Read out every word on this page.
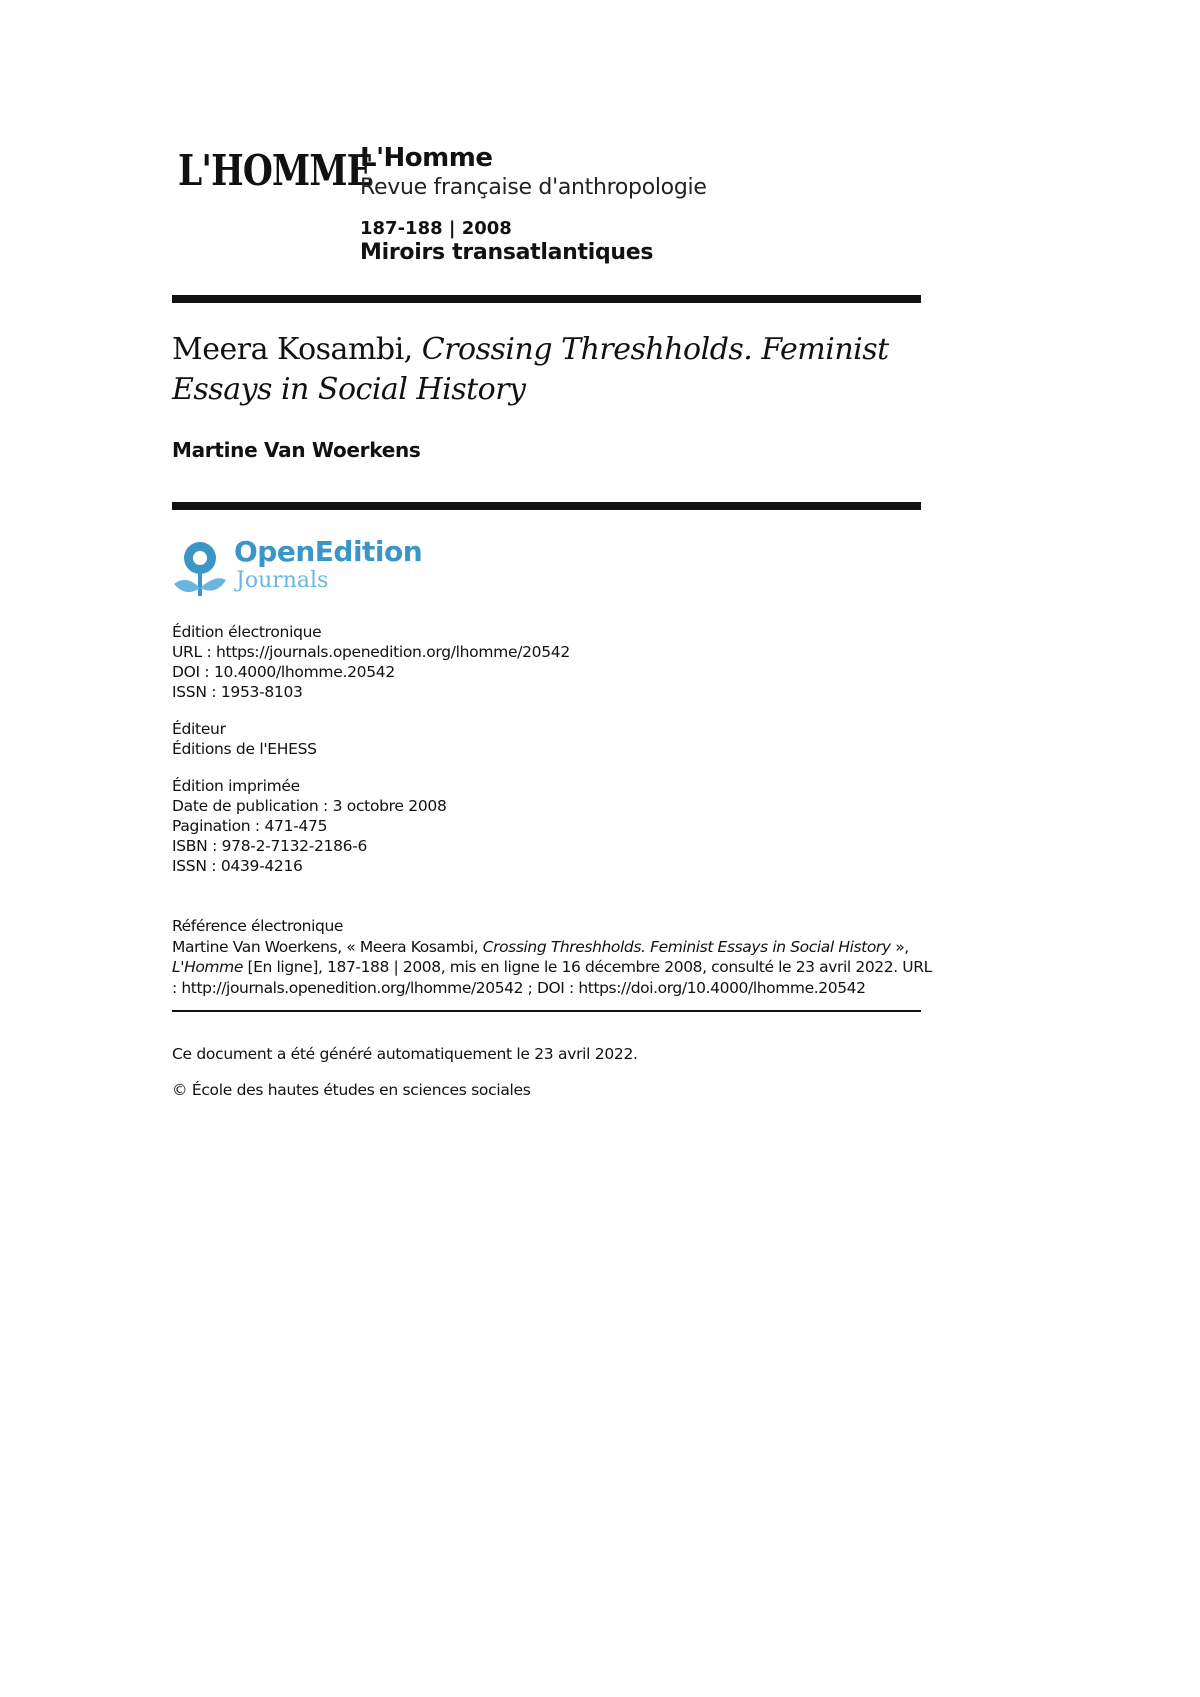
L'HOMME
L'Homme
Revue française d'anthropologie
187-188 | 2008
Miroirs transatlantiques
Meera Kosambi, Crossing Threshholds. Feminist Essays in Social History
Martine Van Woerkens
OpenEdition
Journals
Édition électronique
URL : https://journals.openedition.org/lhomme/20542
DOI : 10.4000/lhomme.20542
ISSN : 1953-8103
Éditeur
Éditions de l'EHESS
Édition imprimée
Date de publication : 3 octobre 2008
Pagination : 471-475
ISBN : 978-2-7132-2186-6
ISSN : 0439-4216
Référence électronique
Martine Van Woerkens, « Meera Kosambi, Crossing Threshholds. Feminist Essays in Social History », L'Homme [En ligne], 187-188 | 2008, mis en ligne le 16 décembre 2008, consulté le 23 avril 2022. URL : http://journals.openedition.org/lhomme/20542 ; DOI : https://doi.org/10.4000/lhomme.20542
Ce document a été généré automatiquement le 23 avril 2022.
© École des hautes études en sciences sociales
